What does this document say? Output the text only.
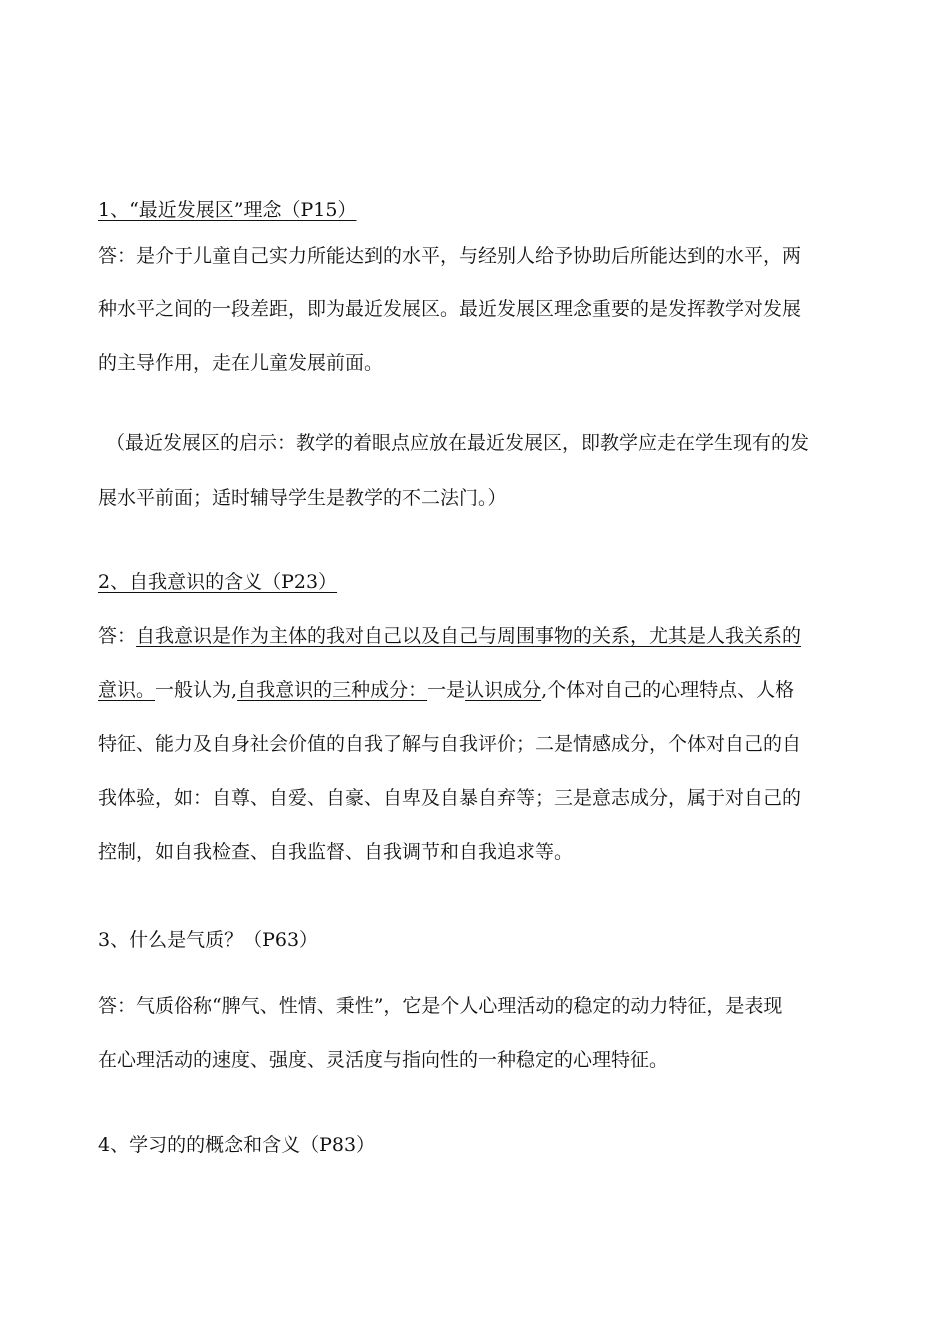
1、“最近发展区”理念（P15）
答：是介于儿童自己实力所能达到的水平，与经别人给予协助后所能达到的水平，两
种水平之间的一段差距，即为最近发展区。最近发展区理念重要的是发挥教学对发展
的主导作用，走在儿童发展前面。
（最近发展区的启示：教学的着眼点应放在最近发展区，即教学应走在学生现有的发
展水平前面；适时辅导学生是教学的不二法门。）
2、自我意识的含义（P23）
答：自我意识是作为主体的我对自己以及自己与周围事物的关系，尤其是人我关系的
意识。一般认为,自我意识的三种成分：一是认识成分,个体对自己的心理特点、人格
特征、能力及自身社会价值的自我了解与自我评价；二是情感成分，个体对自己的自
我体验，如：自尊、自爱、自豪、自卑及自暴自弃等；三是意志成分，属于对自己的
控制，如自我检查、自我监督、自我调节和自我追求等。
3、什么是气质？（P63）
答：气质俗称“脾气、性情、秉性”，它是个人心理活动的稳定的动力特征，是表现
在心理活动的速度、强度、灵活度与指向性的一种稳定的心理特征。
4、学习的的概念和含义（P83）
